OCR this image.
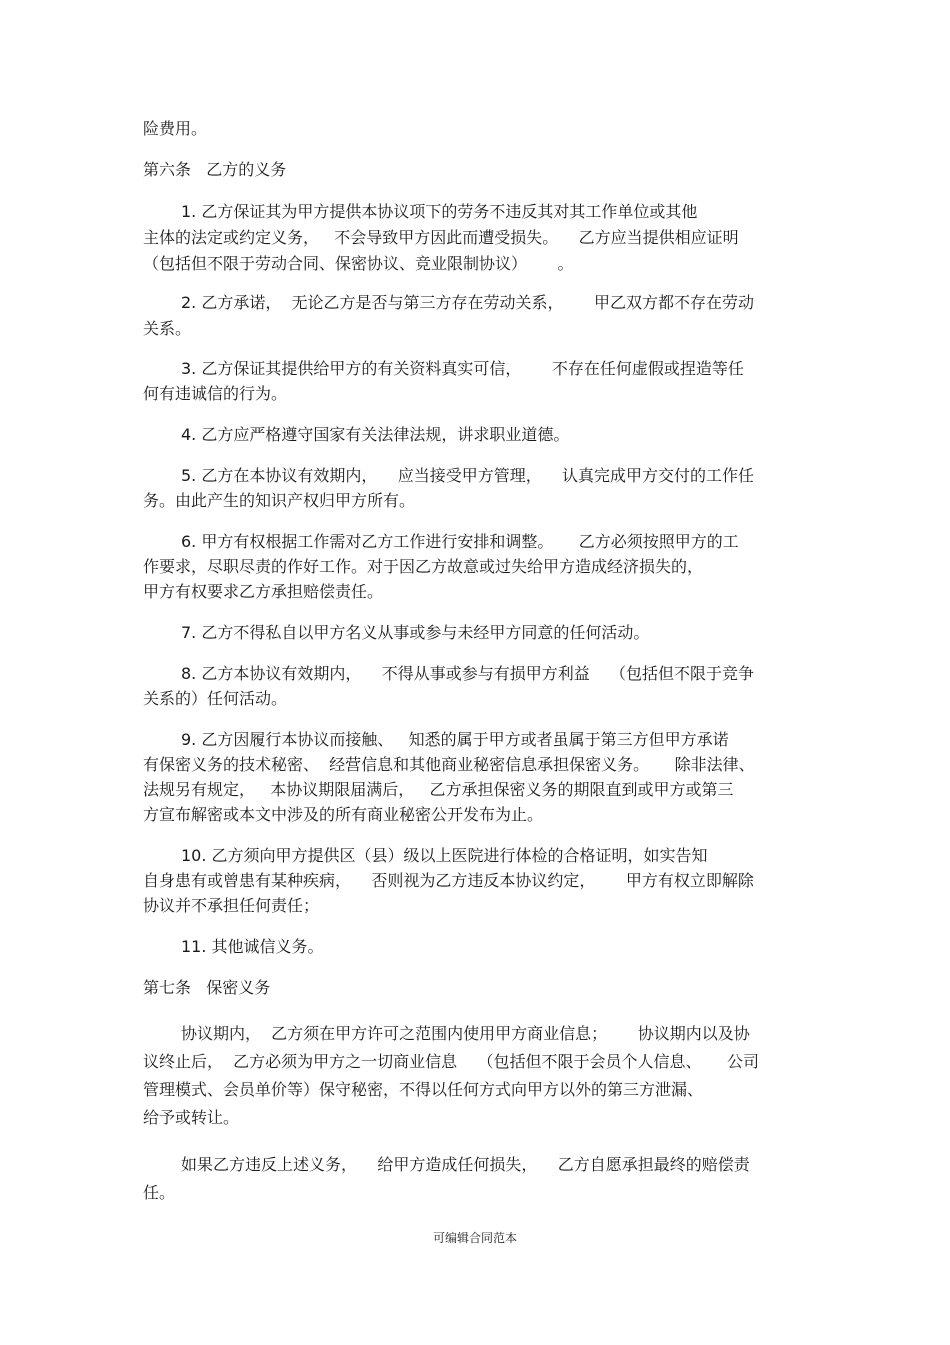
险费用。
第六条   乙方的义务
1. 乙方保证其为甲方提供本协议项下的劳务不违反其对其工作单位或其他
主体的法定或约定义务，   不会导致甲方因此而遭受损失。    乙方应当提供相应证明
（包括但不限于劳动合同、保密协议、竞业限制协议）      。
2. 乙方承诺，  无论乙方是否与第三方存在劳动关系，      甲乙双方都不存在劳动
关系。
3. 乙方保证其提供给甲方的有关资料真实可信，      不存在任何虚假或捏造等任
何有违诚信的行为。
4. 乙方应严格遵守国家有关法律法规，讲求职业道德。
5. 乙方在本协议有效期内，    应当接受甲方管理，    认真完成甲方交付的工作任
务。由此产生的知识产权归甲方所有。
6. 甲方有权根据工作需对乙方工作进行安排和调整。     乙方必须按照甲方的工
作要求，尽职尽责的作好工作。对于因乙方故意或过失给甲方造成经济损失的，
甲方有权要求乙方承担赔偿责任。
7. 乙方不得私自以甲方名义从事或参与未经甲方同意的任何活动。
8. 乙方本协议有效期内，    不得从事或参与有损甲方利益    （包括但不限于竞争
关系的）任何活动。
9. 乙方因履行本协议而接触、   知悉的属于甲方或者虽属于第三方但甲方承诺
有保密义务的技术秘密、  经营信息和其他商业秘密信息承担保密义务。     除非法律、
法规另有规定，   本协议期限届满后，   乙方承担保密义务的期限直到或甲方或第三
方宣布解密或本文中涉及的所有商业秘密公开发布为止。
10. 乙方须向甲方提供区（县）级以上医院进行体检的合格证明，如实告知
自身患有或曾患有某种疾病，    否则视为乙方违反本协议约定，      甲方有权立即解除
协议并不承担任何责任；
11. 其他诚信义务。
第七条   保密义务
协议期内，  乙方须在甲方许可之范围内使用甲方商业信息；      协议期内以及协
议终止后，  乙方必须为甲方之一切商业信息    （包括但不限于会员个人信息、     公司
管理模式、会员单价等）保守秘密，不得以任何方式向甲方以外的第三方泄漏、
给予或转让。
如果乙方违反上述义务，    给甲方造成任何损失，    乙方自愿承担最终的赔偿责
任。
可编辑合同范本
